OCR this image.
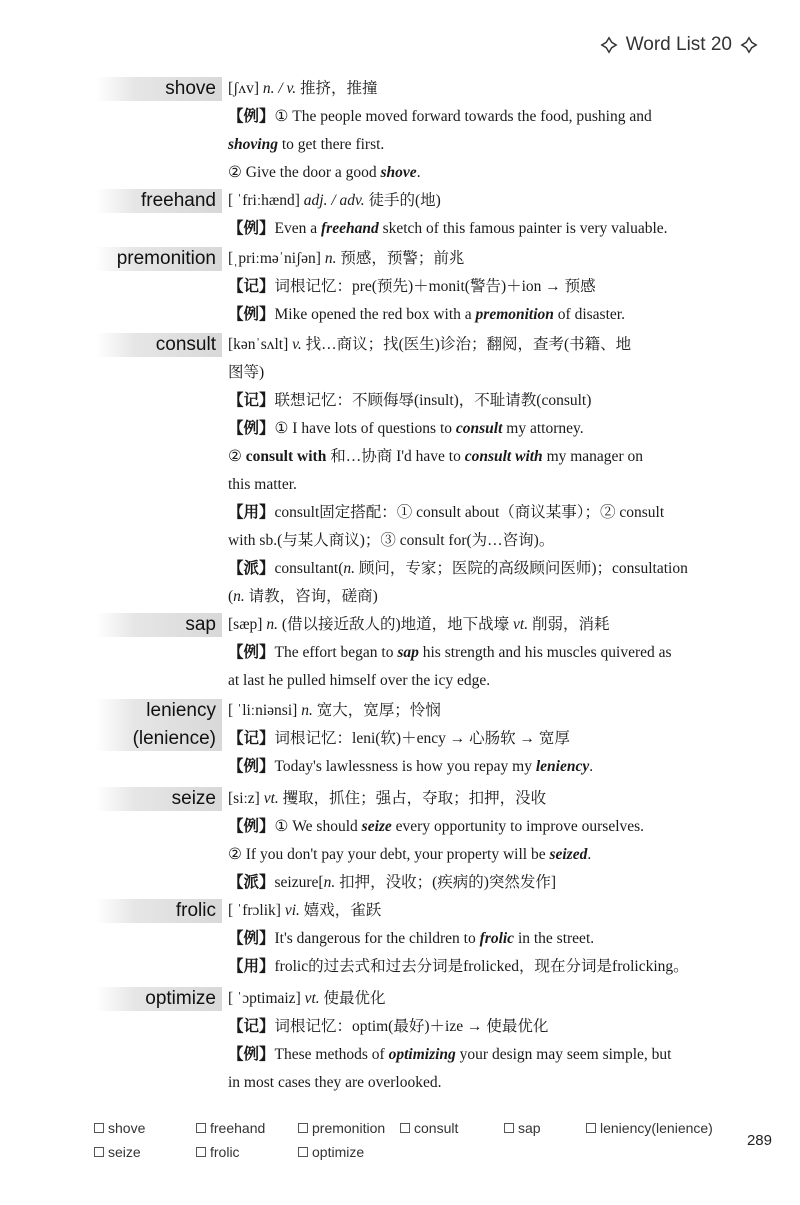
Word List 20
shove [ʃʌv] n. / v. 推挤，推撞
【例】① The people moved forward towards the food, pushing and
shoving to get there first.
② Give the door a good shove.
freehand [ ˈfriːhænd] adj. / adv. 徒手的(地)
【例】Even a freehand sketch of this famous painter is very valuable.
premonition [ˌpriːməˈniʃən] n. 预感，预警；前兆
【记】词根记忆：pre(预先)＋monit(警告)＋ion → 预感
【例】Mike opened the red box with a premonition of disaster.
consult [kənˈsʌlt] v. 找…商议；找(医生)诊治；翻阅，查考(书籍、地
图等)
【记】联想记忆：不顾侮辱(insult)，不耻请教(consult)
【例】① I have lots of questions to consult my attorney.
② consult with 和…协商 I'd have to consult with my manager on
this matter.
【用】consult固定搭配：① consult about（商议某事）；② consult
with sb.(与某人商议)；③ consult for(为…咨询)。
【派】consultant(n. 顾问，专家；医院的高级顾问医师)；consultation
(n. 请教，咨询，磋商)
sap [sæp] n. (借以接近敌人的)地道，地下战壕 vt. 削弱，消耗
【例】The effort began to sap his strength and his muscles quivered as
at last he pulled himself over the icy edge.
leniency
(lenience)
[ ˈliːniənsi] n. 宽大，宽厚；怜悯
【记】词根记忆：leni(软)＋ency → 心肠软 → 宽厚
【例】Today's lawlessness is how you repay my leniency.
seize [siːz] vt. 攫取，抓住；强占，夺取；扣押，没收
【例】① We should seize every opportunity to improve ourselves.
② If you don't pay your debt, your property will be seized.
【派】seizure[n. 扣押，没收；(疾病的)突然发作]
frolic [ ˈfrɔlik] vi. 嬉戏，雀跃
【例】It's dangerous for the children to frolic in the street.
【用】frolic的过去式和过去分词是frolicked，现在分词是frolicking。
optimize [ ˈɔptimaiz] vt. 使最优化
【记】词根记忆：optim(最好)＋ize → 使最优化
【例】These methods of optimizing your design may seem simple, but
in most cases they are overlooked.
shove	freehand	premonition consult	sap	leniency(lenience)
seize	frolic	optimize
289
